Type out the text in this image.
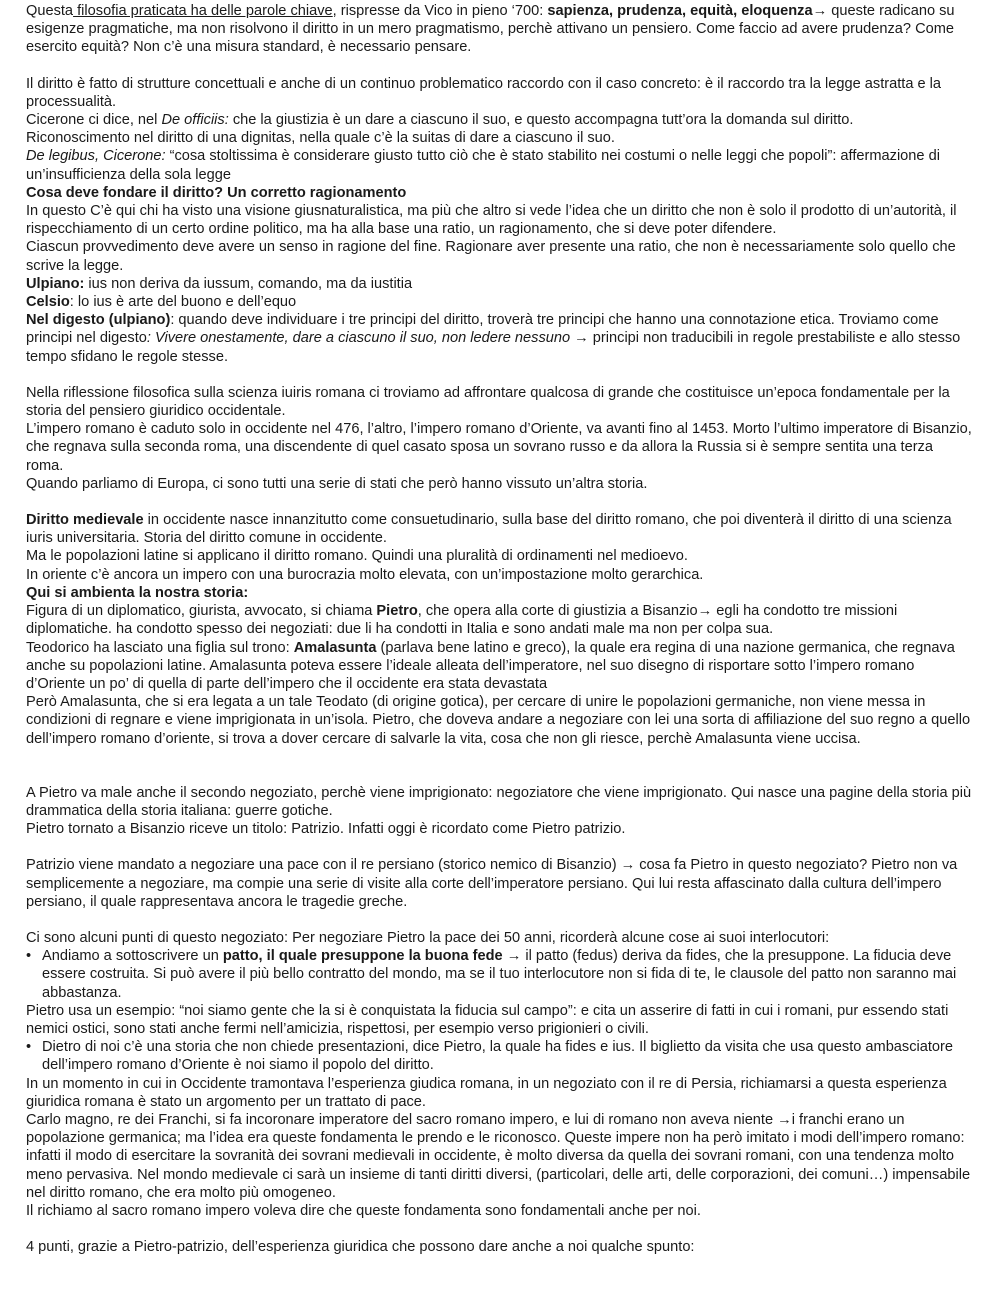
Questa filosofia praticata ha delle parole chiave, rispresse da Vico in pieno ‘700: sapienza, prudenza, equità, eloquenza→ queste radicano su esigenze pragmatiche, ma non risolvono il diritto in un mero pragmatismo, perchè attivano un pensiero. Come faccio ad avere prudenza? Come esercito equità? Non c’è una misura standard, è necessario pensare.

Il diritto è fatto di strutture concettuali e anche di un continuo problematico raccordo con il caso concreto: è il raccordo tra la legge astratta e la processualità.

Cicerone ci dice, nel De officiis: che la giustizia è un dare a ciascuno il suo, e questo accompagna tutt’ora la domanda sul diritto.

Riconoscimento nel diritto di una dignitas, nella quale c’è la suitas di dare a ciascuno il suo.

De legibus, Cicerone: “cosa stoltissima è considerare giusto tutto ciò che è stato stabilito nei costumi o nelle leggi che popoli”: affermazione di un’insufficienza della sola legge

Cosa deve fondare il diritto? Un corretto ragionamento

In questo C’è qui chi ha visto una visione giusnaturalistica, ma più che altro si vede l’idea che un diritto che non è solo il prodotto di un’autorità, il rispecchiamento di un certo ordine politico, ma ha alla base una ratio, un ragionamento, che si deve poter difendere.

Ciascun provvedimento deve avere un senso in ragione del fine. Ragionare aver presente una ratio, che non è necessariamente solo quello che scrive la legge.

Ulpiano: ius non deriva da iussum, comando, ma da iustitia

Celsio: lo ius è arte del buono e dell’equo

Nel digesto (ulpiano): quando deve individuare i tre principi del diritto, troverà tre principi che hanno una connotazione etica. Troviamo come principi nel digesto: Vivere onestamente, dare a ciascuno il suo, non ledere nessuno → principi non traducibili in regole prestabiliste e allo stesso tempo sfidano le regole stesse.

Nella riflessione filosofica sulla scienza iuiris romana ci troviamo ad affrontare qualcosa di grande che costituisce un’epoca fondamentale per la storia del pensiero giuridico occidentale.

L’impero romano è caduto solo in occidente nel 476, l’altro, l’impero romano d’Oriente, va avanti fino al 1453. Morto l’ultimo imperatore di Bisanzio, che regnava sulla seconda roma, una discendente di quel casato sposa un sovrano russo e da allora la Russia si è sempre sentita una terza roma.

Quando parliamo di Europa, ci sono tutti una serie di stati che però hanno vissuto un’altra storia.

Diritto medievale in occidente nasce innanzitutto come consuetudinario, sulla base del diritto romano, che poi diventerà il diritto di una scienza iuris universitaria. Storia del diritto comune in occidente.

Ma le popolazioni latine si applicano il diritto romano. Quindi una pluralità di ordinamenti nel medioevo.

In oriente c’è ancora un impero con una burocrazia molto elevata, con un’impostazione molto gerarchica.

Qui si ambienta la nostra storia:

Figura di un diplomatico, giurista, avvocato, si chiama Pietro, che opera alla corte di giustizia a Bisanzio→ egli ha condotto tre missioni diplomatiche. ha condotto spesso dei negoziati: due li ha condotti in Italia e sono andati male ma non per colpa sua.

Teodorico ha lasciato una figlia sul trono: Amalasunta (parlava bene latino e greco), la quale era regina di una nazione germanica, che regnava anche su popolazioni latine. Amalasunta poteva essere l’ideale alleata dell’imperatore, nel suo disegno di risportare sotto l’impero romano d’Oriente un po’ di quella di parte dell’impero che il occidente era stata devastata

Però Amalasunta, che si era legata a un tale Teodato (di origine gotica), per cercare di unire le popolazioni germaniche, non viene messa in condizioni di regnare e viene imprigionata in un’isola. Pietro, che doveva andare a negoziare con lei una sorta di affiliazione del suo regno a quello dell’impero romano d’oriente, si trova a dover cercare di salvarle la vita, cosa che non gli riesce, perchè Amalasunta viene uccisa.

A Pietro va male anche il secondo negoziato, perchè viene imprigionato: negoziatore che viene imprigionato. Qui nasce una pagine della storia più drammatica della storia italiana: guerre gotiche.

Pietro tornato a Bisanzio riceve un titolo: Patrizio. Infatti oggi è ricordato come Pietro patrizio.

Patrizio viene mandato a negoziare una pace con il re persiano (storico nemico di Bisanzio) → cosa fa Pietro in questo negoziato? Pietro non va semplicemente a negoziare, ma compie una serie di visite alla corte dell’imperatore persiano. Qui lui resta affascinato dalla cultura dell’impero persiano, il quale rappresentava ancora le tragedie greche.

Ci sono alcuni punti di questo negoziato: Per negoziare Pietro la pace dei 50 anni, ricorderà alcune cose ai suoi interlocutori:

• Andiamo a sottoscrivere un patto, il quale presuppone la buona fede → il patto (fedus) deriva da fides, che la presuppone. La fiducia deve essere costruita. Si può avere il più bello contratto del mondo, ma se il tuo interlocutore non si fida di te, le clausole del patto non saranno mai abbastanza.

Pietro usa un esempio: “noi siamo gente che la si è conquistata la fiducia sul campo”: e cita un asserire di fatti in cui i romani, pur essendo stati nemici ostici, sono stati anche fermi nell’amicizia, rispettosi, per esempio verso prigionieri o civili.

• Dietro di noi c’è una storia che non chiede presentazioni, dice Pietro, la quale ha fides e ius. Il biglietto da visita che usa questo ambasciatore dell’impero romano d’Oriente è noi siamo il popolo del diritto.

In un momento in cui in Occidente tramontava l’esperienza giudica romana, in un negoziato con il re di Persia, richiamarsi a questa esperienza giuridica romana è stato un argomento per un trattato di pace.

Carlo magno, re dei Franchi, si fa incoronare imperatore del sacro romano impero, e lui di romano non aveva niente →i franchi erano un popolazione germanica; ma l’idea era queste fondamenta le prendo e le riconosco. Queste impere non ha però imitato i modi dell’impero romano: infatti il modo di esercitare la sovranità dei sovrani medievali in occidente, è molto diversa da quella dei sovrani romani, con una tendenza molto meno pervasiva. Nel mondo medievale ci sarà un insieme di tanti diritti diversi, (particolari, delle arti, delle corporazioni, dei comuni…) impensabile nel diritto romano, che era molto più omogeneo.

Il richiamo al sacro romano impero voleva dire che queste fondamenta sono fondamentali anche per noi.

4 punti, grazie a Pietro-patrizio, dell’esperienza giuridica che possono dare anche a noi qualche spunto:
